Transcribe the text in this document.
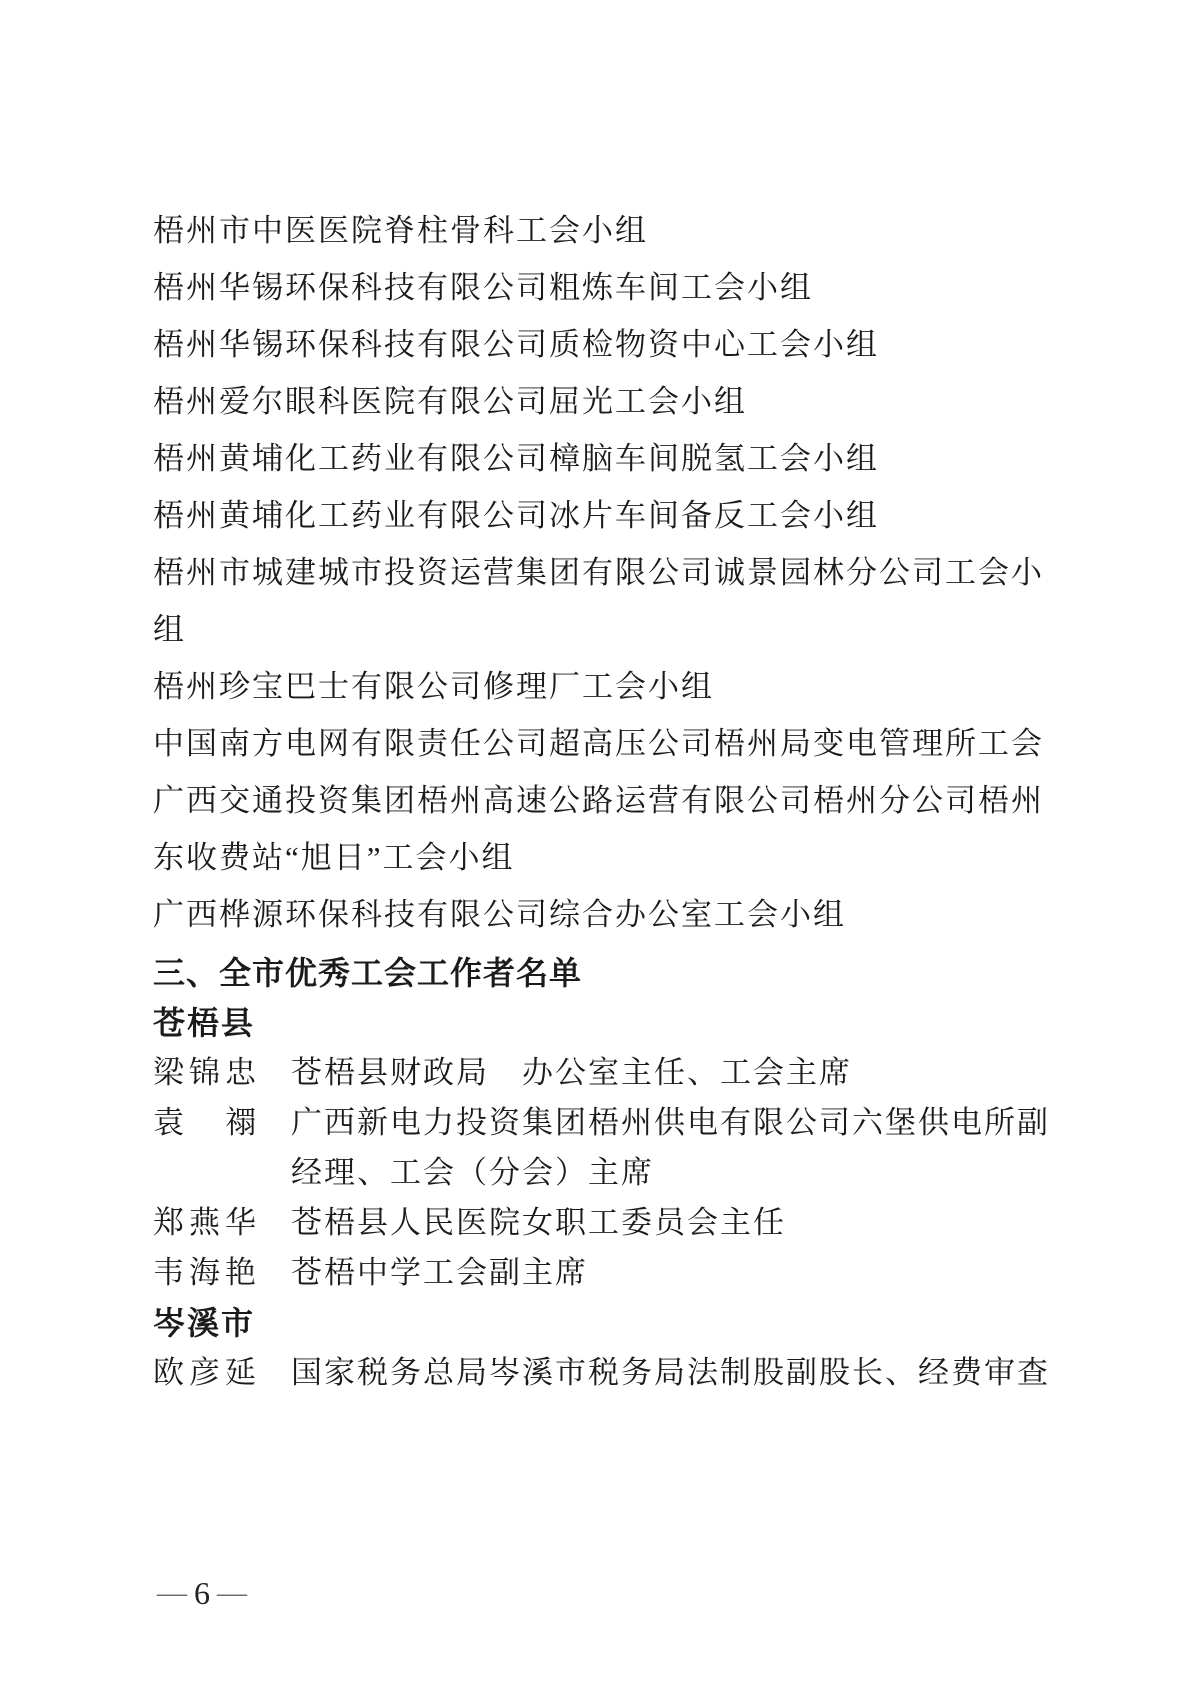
梧州市中医医院脊柱骨科工会小组
梧州华锡环保科技有限公司粗炼车间工会小组
梧州华锡环保科技有限公司质检物资中心工会小组
梧州爱尔眼科医院有限公司屈光工会小组
梧州黄埔化工药业有限公司樟脑车间脱氢工会小组
梧州黄埔化工药业有限公司冰片车间备反工会小组
梧州市城建城市投资运营集团有限公司诚景园林分公司工会小
组
梧州珍宝巴士有限公司修理厂工会小组
中国南方电网有限责任公司超高压公司梧州局变电管理所工会
广西交通投资集团梧州高速公路运营有限公司梧州分公司梧州
东收费站“旭日”工会小组
广西桦源环保科技有限公司综合办公室工会小组
三、全市优秀工会工作者名单
苍梧县
梁锦忠 苍梧县财政局　办公室主任、工会主席
袁禤 广西新电力投资集团梧州供电有限公司六堡供电所副
经理、工会（分会）主席
郑燕华 苍梧县人民医院女职工委员会主任
韦海艳 苍梧中学工会副主席
岑溪市
欧彦延 国家税务总局岑溪市税务局法制股副股长、经费审查
— 6 —
